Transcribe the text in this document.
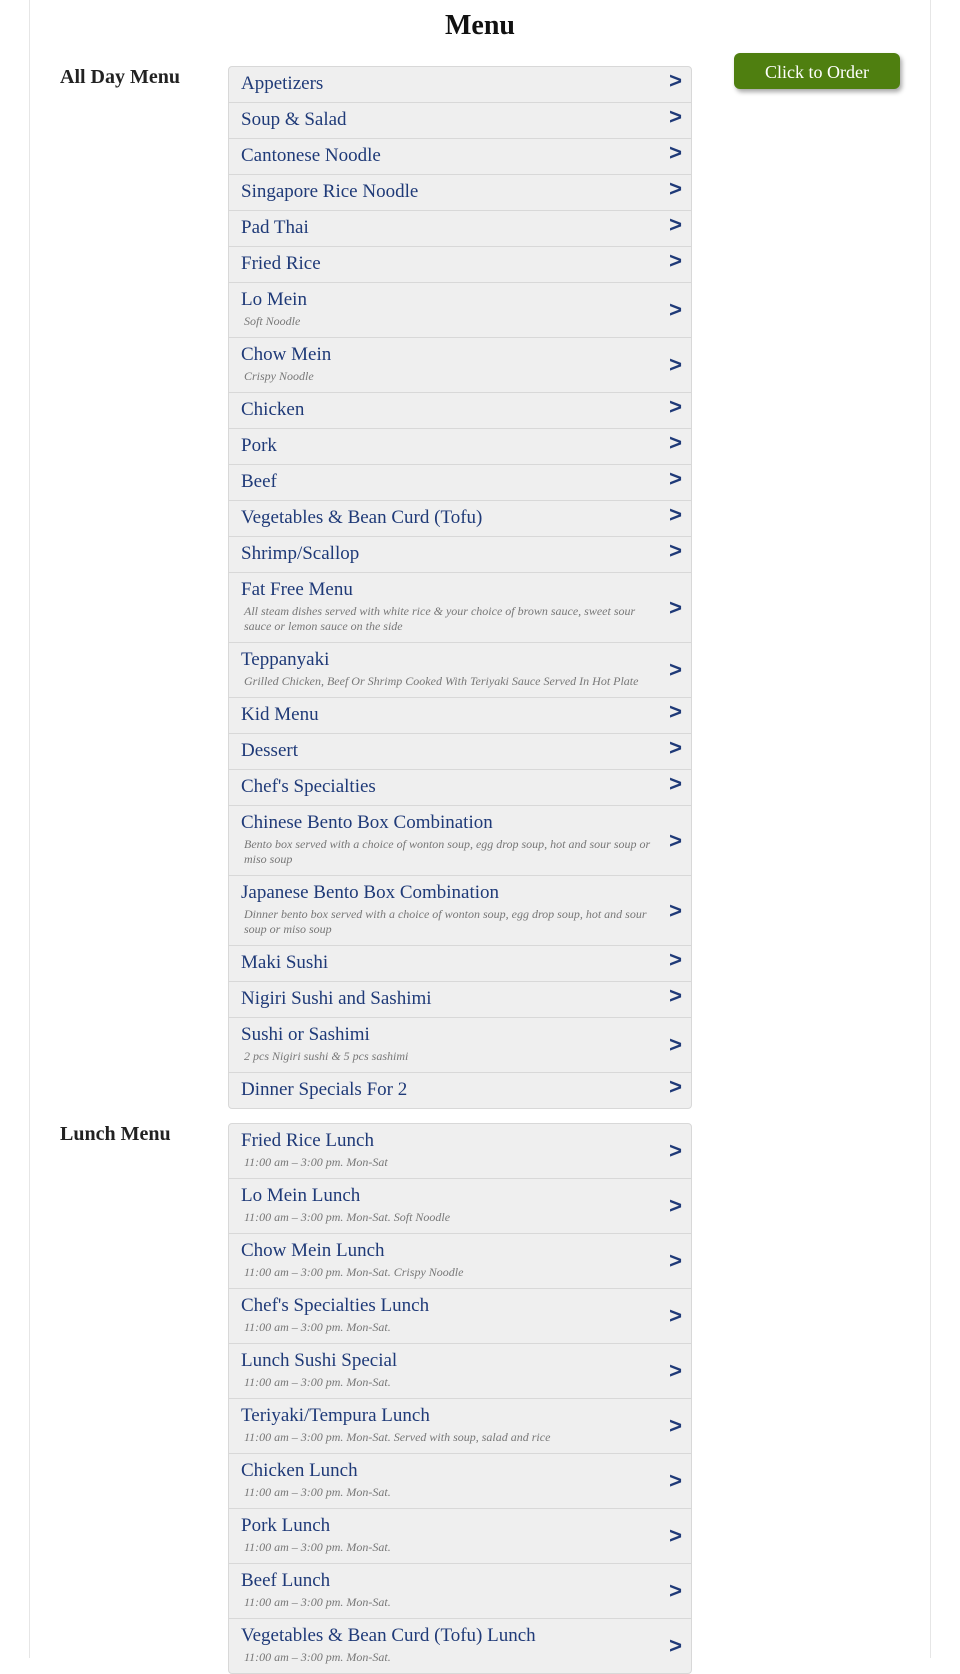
Menu
Click to Order Online
All Day Menu	Appetizers	>
Soup & Salad	>
Cantonese Noodle	>
Singapore Rice Noodle	>
Pad Thai	>
Fried Rice	>
Lo Mein
Soft Noodle	>
Chow Mein
Crispy Noodle	>
Chicken	>
Pork	>
Beef	>
Vegetables & Bean Curd (Tofu)	>
Shrimp/Scallop	>
Fat Free Menu
All steam dishes served with white rice & your choice of brown sauce, sweet sour sauce or lemon sauce on the side
>
Teppanyaki
Grilled Chicken, Beef Or Shrimp Cooked With Teriyaki Sauce Served In Hot Plate	>
Kid Menu	>
Dessert	>
Chef's Specialties	>
Chinese Bento Box Combination
Bento box served with a choice of wonton soup, egg drop soup, hot and sour soup or miso soup
>
Japanese Bento Box Combination
Dinner bento box served with a choice of wonton soup, egg drop soup, hot and sour soup or miso soup
>
Maki Sushi	>
Nigiri Sushi and Sashimi	>
Sushi or Sashimi
2 pcs Nigiri sushi & 5 pcs sashimi	>
Dinner Specials For 2	>
Lunch Menu	Fried Rice Lunch
11:00 am – 3:00 pm. Mon-Sat	>
Lo Mein Lunch
11:00 am – 3:00 pm. Mon-Sat. Soft Noodle	>
Chow Mein Lunch
11:00 am – 3:00 pm. Mon-Sat. Crispy Noodle	>
Chef's Specialties Lunch
11:00 am – 3:00 pm. Mon-Sat.	>
Lunch Sushi Special
11:00 am – 3:00 pm. Mon-Sat.	>
Teriyaki/Tempura Lunch
11:00 am – 3:00 pm. Mon-Sat. Served with soup, salad and rice	>
Chicken Lunch
11:00 am – 3:00 pm. Mon-Sat.	>
Pork Lunch
11:00 am – 3:00 pm. Mon-Sat.	>
Beef Lunch
11:00 am – 3:00 pm. Mon-Sat.	>
Vegetables & Bean Curd (Tofu) Lunch
11:00 am – 3:00 pm. Mon-Sat.	>
